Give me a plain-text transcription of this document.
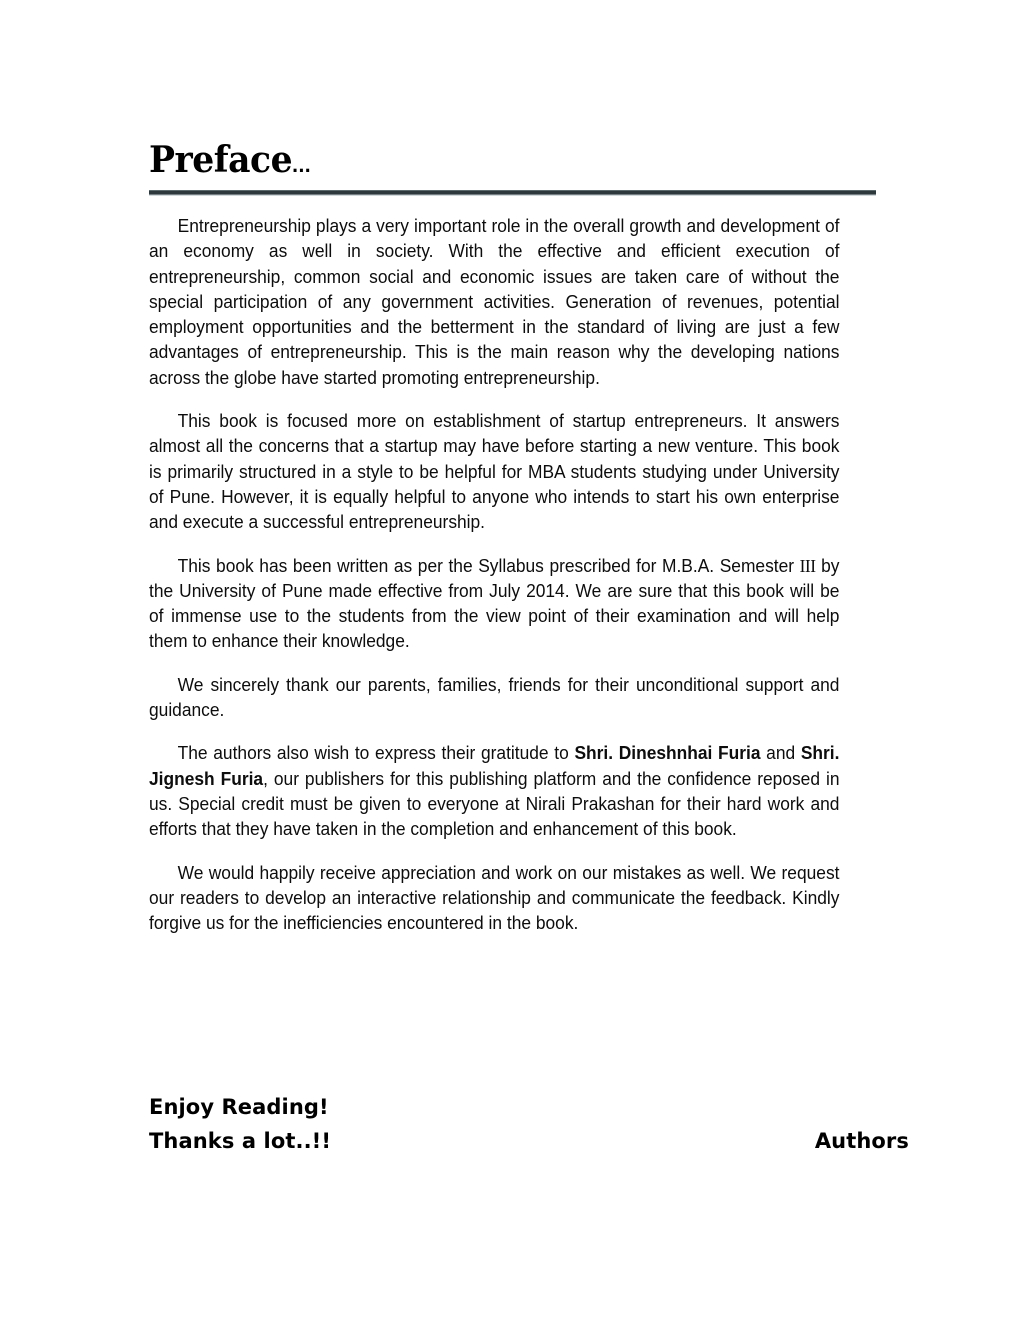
Preface...

Entrepreneurship plays a very important role in the overall growth and development of an economy as well in society. With the effective and efficient execution of entrepreneurship, common social and economic issues are taken care of without the special participation of any government activities. Generation of revenues, potential employment opportunities and the betterment in the standard of living are just a few advantages of entrepreneurship. This is the main reason why the developing nations across the globe have started promoting entrepreneurship.

This book is focused more on establishment of startup entrepreneurs. It answers almost all the concerns that a startup may have before starting a new venture. This book is primarily structured in a style to be helpful for MBA students studying under University of Pune. However, it is equally helpful to anyone who intends to start his own enterprise and execute a successful entrepreneurship.

This book has been written as per the Syllabus prescribed for M.B.A. Semester III by the University of Pune made effective from July 2014. We are sure that this book will be of immense use to the students from the view point of their examination and will help them to enhance their knowledge.

We sincerely thank our parents, families, friends for their unconditional support and guidance.

The authors also wish to express their gratitude to Shri. Dineshnhai Furia and Shri. Jignesh Furia, our publishers for this publishing platform and the confidence reposed in us. Special credit must be given to everyone at Nirali Prakashan for their hard work and efforts that they have taken in the completion and enhancement of this book.

We would happily receive appreciation and work on our mistakes as well. We request our readers to develop an interactive relationship and communicate the feedback. Kindly forgive us for the inefficiencies encountered in the book.

Enjoy Reading!
Thanks a lot..!!	Authors
